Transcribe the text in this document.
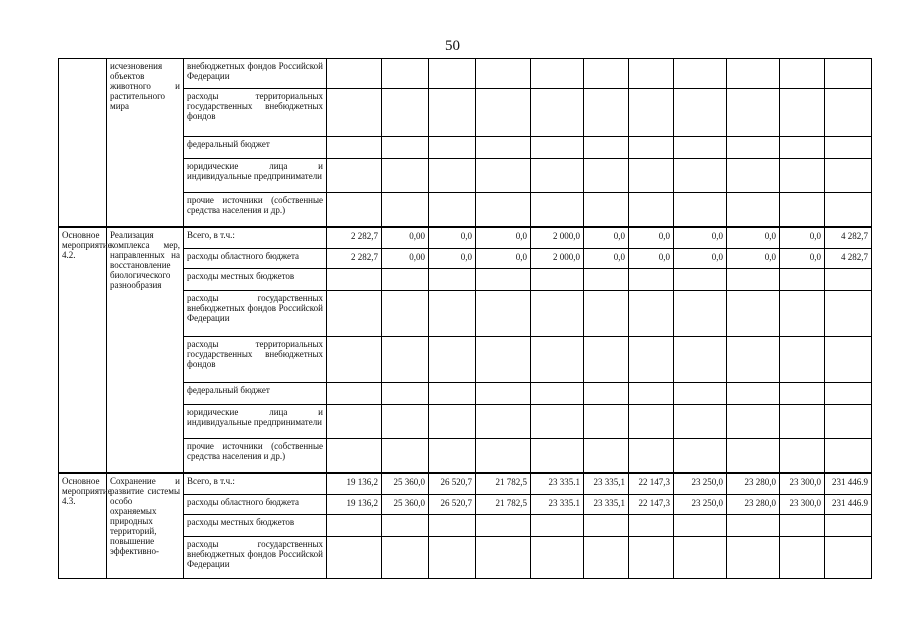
50
	исчезновения объектов животного и растительного мира	внебюджетных фондов Российской Федерации											
		расходы территориальных государственных внебюджетных фондов											
		федеральный бюджет											
		юридические лица и индивидуальные предприниматели											
		прочие источники (собственные средства населения и др.)											
Основное мероприятие 4.2.	Реализация комплекса мер, направленных на восстановление биологического разнообразия	Всего, в т.ч.:	2 282,7	0,00	0,0	0,0	2 000,0	0,0	0,0	0,0	0,0	0,0	4 282,7
		расходы областного бюджета	2 282,7	0,00	0,0	0,0	2 000,0	0,0	0,0	0,0	0,0	0,0	4 282,7
		расходы местных бюджетов											
		расходы государственных внебюджетных фондов Российской Федерации											
		расходы территориальных государственных внебюджетных фондов											
		федеральный бюджет											
		юридические лица и индивидуальные предприниматели											
		прочие источники (собственные средства населения и др.)											
Основное мероприятие 4.3.	Сохранение и развитие системы особо охраняемых природных территорий, повышение эффективно-	Всего, в т.ч.:	19 136,2	25 360,0	26 520,7	21 782,5	23 335.1	23 335,1	22 147,3	23 250,0	23 280,0	23 300,0	231 446.9
		расходы областного бюджета	19 136,2	25 360,0	26 520,7	21 782,5	23 335.1	23 335,1	22 147,3	23 250,0	23 280,0	23 300,0	231 446.9
		расходы местных бюджетов											
		расходы государственных внебюджетных фондов Российской Федерации											
